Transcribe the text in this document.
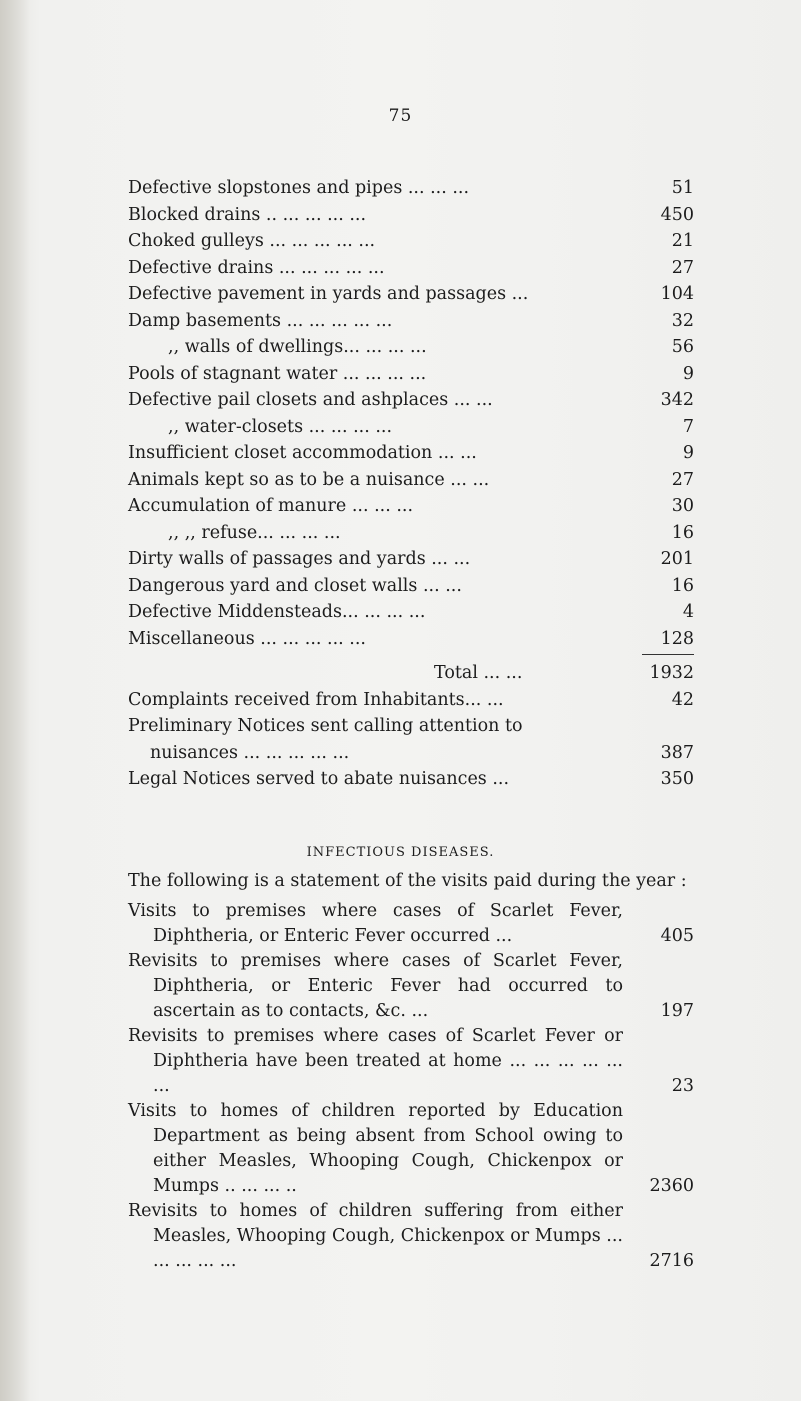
75
Defective slopstones and pipes ... ... ...	51
Blocked drains .. ... ... ... ...	450
Choked gulleys ... ... ... ... ...	21
Defective drains ... ... ... ... ...	27
Defective pavement in yards and passages ...	104
Damp basements ... ... ... ... ...	32
,, walls of dwellings... ... ... ...	56
Pools of stagnant water ... ... ... ...	9
Defective pail closets and ashplaces ... ...	342
,, water-closets ... ... ... ...	7
Insufficient closet accommodation ... ...	9
Animals kept so as to be a nuisance ... ...	27
Accumulation of manure ... ... ...	30
,, ,, refuse... ... ... ...	16
Dirty walls of passages and yards ... ...	201
Dangerous yard and closet walls ... ...	16
Defective Middensteads... ... ... ...	4
Miscellaneous ... ... ... ... ...	128
Total ... ...	1932
Complaints received from Inhabitants... ...	42
Preliminary Notices sent calling attention to
nuisances ... ... ... ... ...	387
Legal Notices served to abate nuisances ...	350
INFECTIOUS DISEASES.
The following is a statement of the visits paid during the year :
Visits to premises where cases of Scarlet Fever, Diphtheria, or Enteric Fever occurred ...	405
Revisits to premises where cases of Scarlet Fever, Diphtheria, or Enteric Fever had occurred to ascertain as to contacts, &c. ...	197
Revisits to premises where cases of Scarlet Fever or Diphtheria have been treated at home ... ... ... ... ... ...	23
Visits to homes of children reported by Education Department as being absent from School owing to either Measles, Whooping Cough, Chickenpox or Mumps .. ... ... ..	2360
Revisits to homes of children suffering from either Measles, Whooping Cough, Chickenpox or Mumps ... ... ... ... ...	2716
